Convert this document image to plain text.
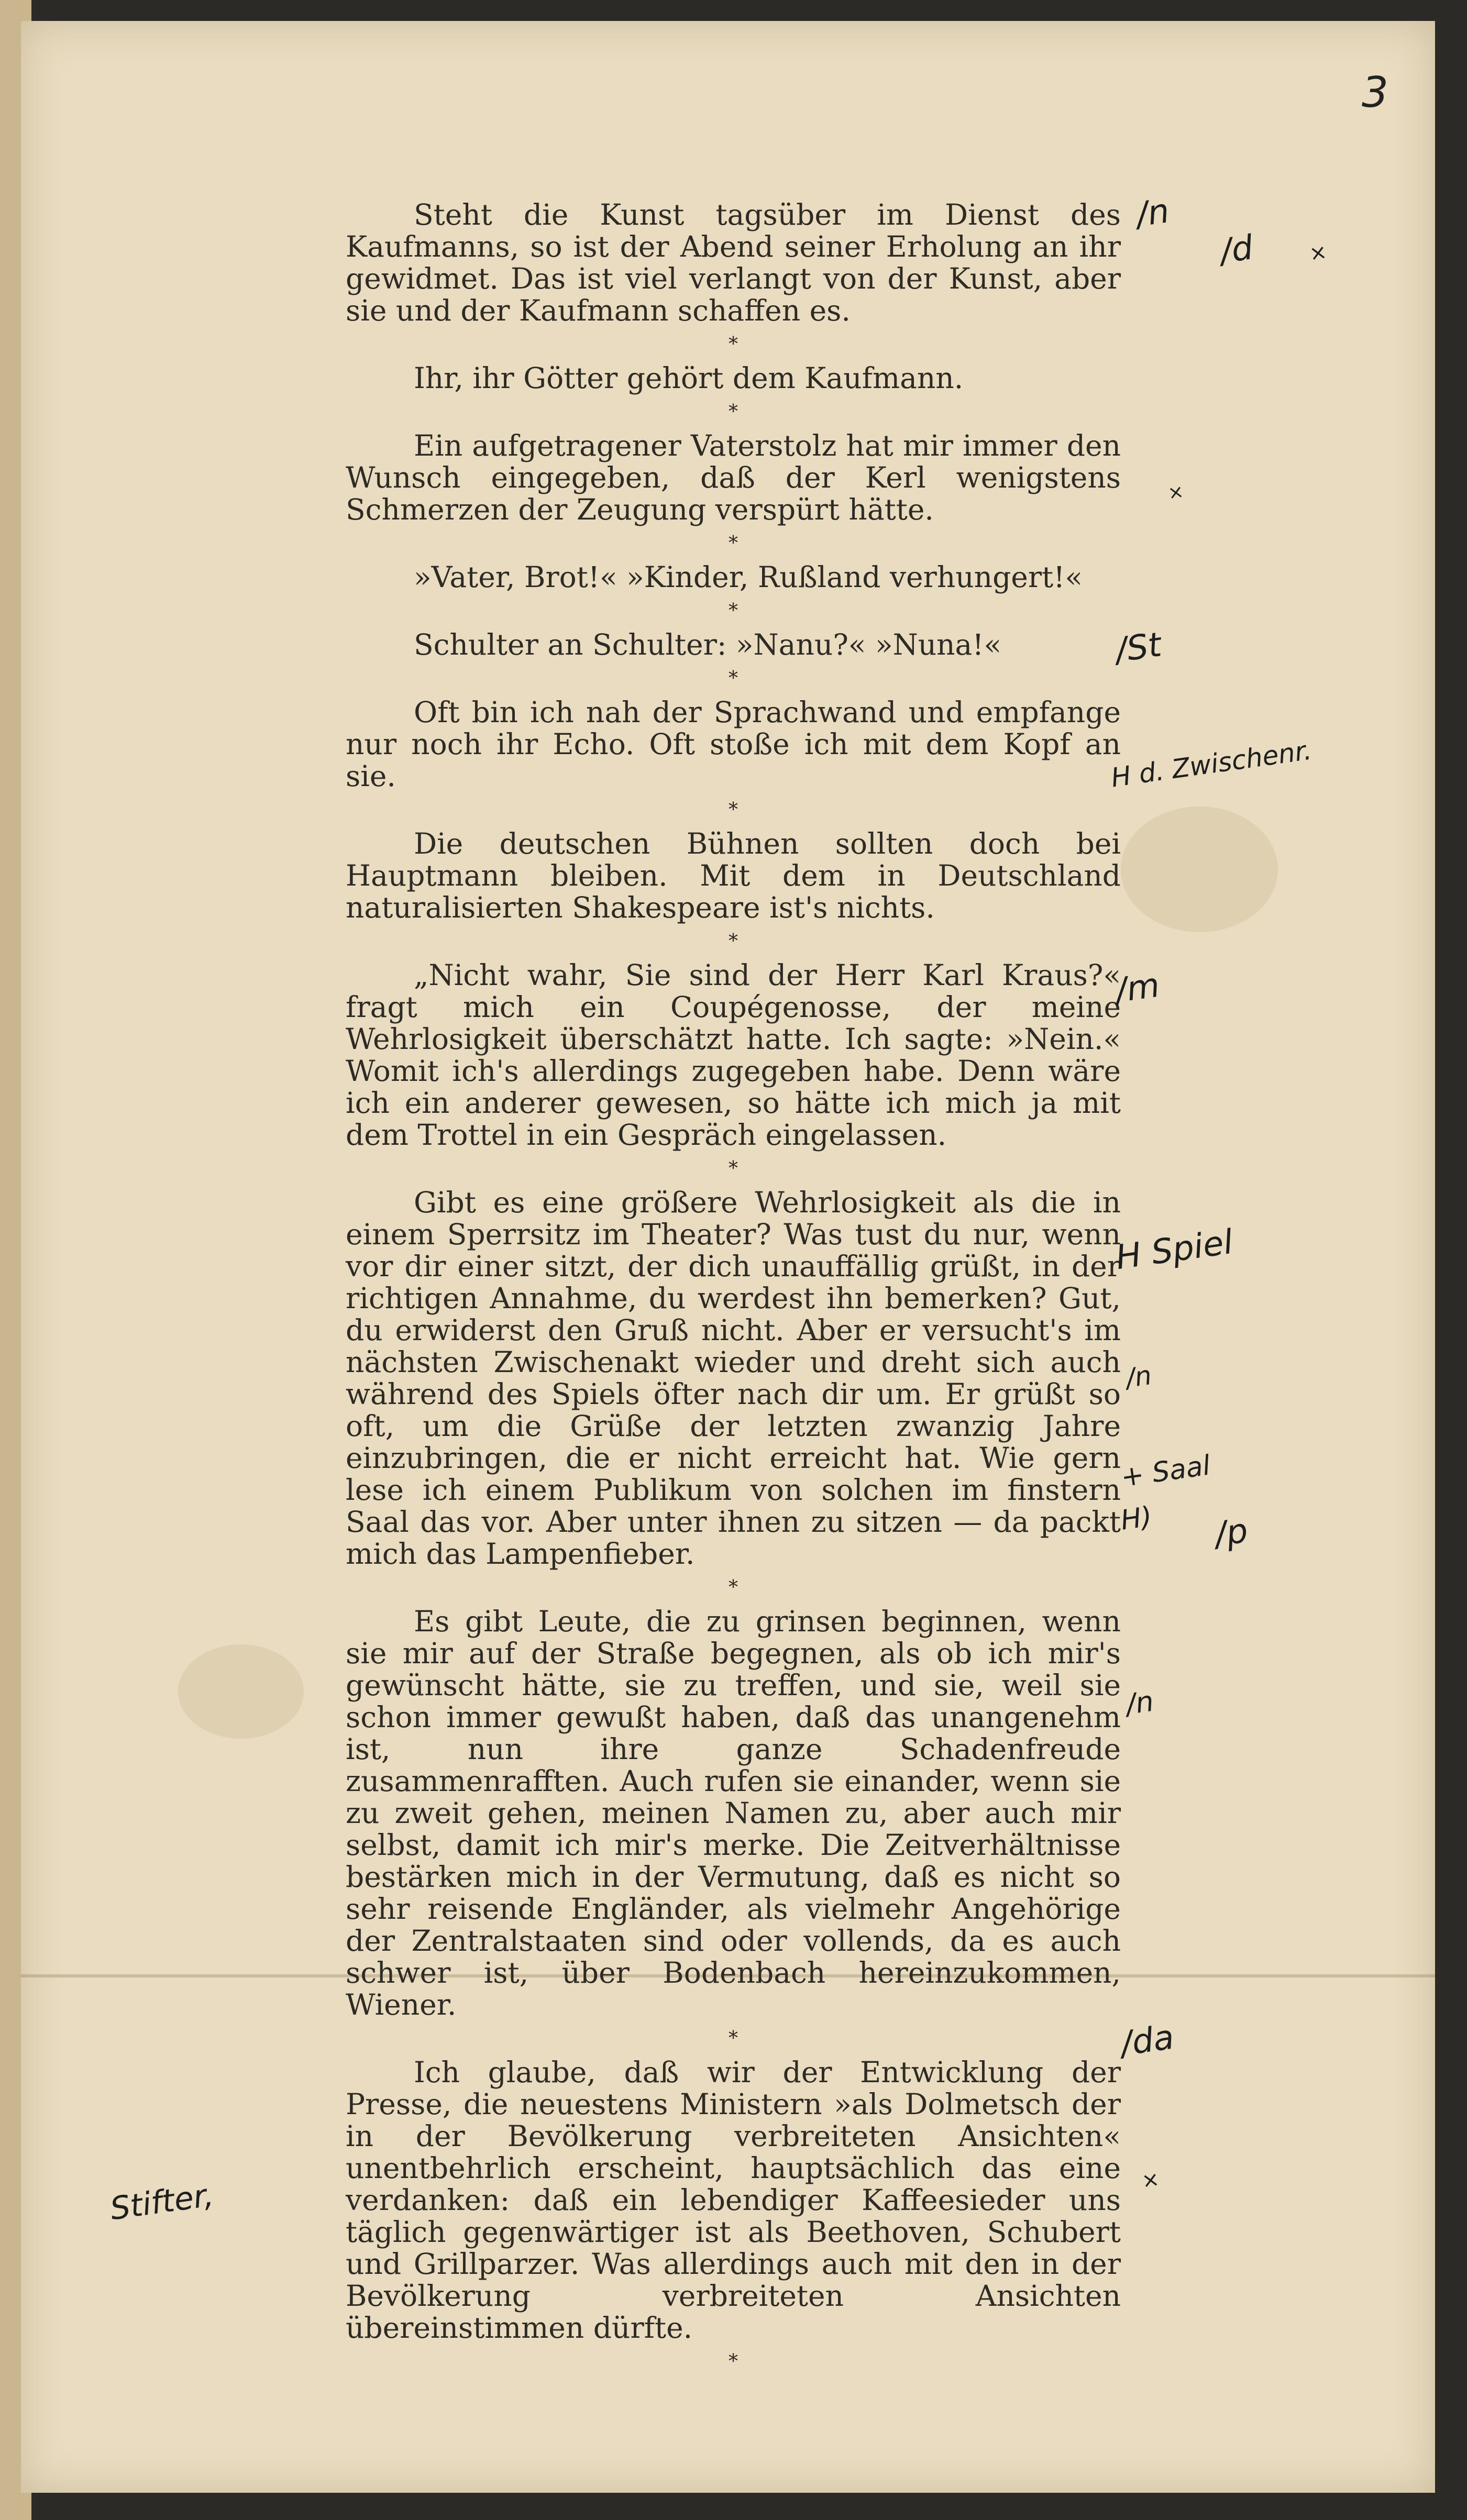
3

Steht die Kunst tagsüber im Dienst des Kaufmanns, so ist der Abend seiner Erholung an ihr gewidmet. Das ist viel verlangt von der Kunst, aber sie und der Kaufmann schaffen es.

*

Ihr, ihr Götter gehört dem Kaufmann.

*

Ein aufgetragener Vaterstolz hat mir immer den Wunsch eingegeben, daß der Kerl wenigstens Schmerzen der Zeugung verspürt hätte.

*

»Vater, Brot!« »Kinder, Rußland verhungert!«

*

Schulter an Schulter: »Nanu?« »Nuna!«

*

Oft bin ich nah der Sprachwand und empfange nur noch ihr Echo. Oft stoße ich mit dem Kopf an sie.

*

Die deutschen Bühnen sollten doch bei Hauptmann bleiben. Mit dem in Deutschland naturalisierten Shakespeare ist's nichts.

*

„Nicht wahr, Sie sind der Herr Karl Kraus?« fragt mich ein Coupégenosse, der meine Wehrlosigkeit überschätzt hatte. Ich sagte: »Nein.« Womit ich's allerdings zugegeben habe. Denn wäre ich ein anderer gewesen, so hätte ich mich ja mit dem Trottel in ein Gespräch eingelassen.

*

Gibt es eine größere Wehrlosigkeit als die in einem Sperrsitz im Theater? Was tust du nur, wenn vor dir einer sitzt, der dich unauffällig grüßt, in der richtigen Annahme, du werdest ihn bemerken? Gut, du erwiderst den Gruß nicht. Aber er versucht's im nächsten Zwischenakt wieder und dreht sich auch während des Spiels öfter nach dir um. Er grüßt so oft, um die Grüße der letzten zwanzig Jahre einzubringen, die er nicht erreicht hat. Wie gern lese ich einem Publikum von solchen im finstern Saal das vor. Aber unter ihnen zu sitzen — da packt mich das Lampenfieber.

*

Es gibt Leute, die zu grinsen beginnen, wenn sie mir auf der Straße begegnen, als ob ich mir's gewünscht hätte, sie zu treffen, und sie, weil sie schon immer gewußt haben, daß das unangenehm ist, nun ihre ganze Schadenfreude zusammenrafften. Auch rufen sie einander, wenn sie zu zweit gehen, meinen Namen zu, aber auch mir selbst, damit ich mir's merke. Die Zeitverhältnisse bestärken mich in der Vermutung, daß es nicht so sehr reisende Engländer, als vielmehr Angehörige der Zentralstaaten sind oder vollends, da es auch schwer ist, über Bodenbach hereinzukommen, Wiener.

*

Ich glaube, daß wir der Entwicklung der Presse, die neuestens Ministern »als Dolmetsch der in der Bevölkerung verbreiteten Ansichten« unentbehrlich erscheint, hauptsächlich das eine verdanken: daß ein lebendiger Kaffeesieder uns täglich gegenwärtiger ist als Beethoven, Schubert und Grillparzer. Was allerdings auch mit den in der Bevölkerung verbreiteten Ansichten übereinstimmen dürfte.

*
/n
/d ×
×
/St
H d. Zwischenr.
/m
H Spiel
/n
+ Saal
H) /p
/n
/da
×
Stifter,
